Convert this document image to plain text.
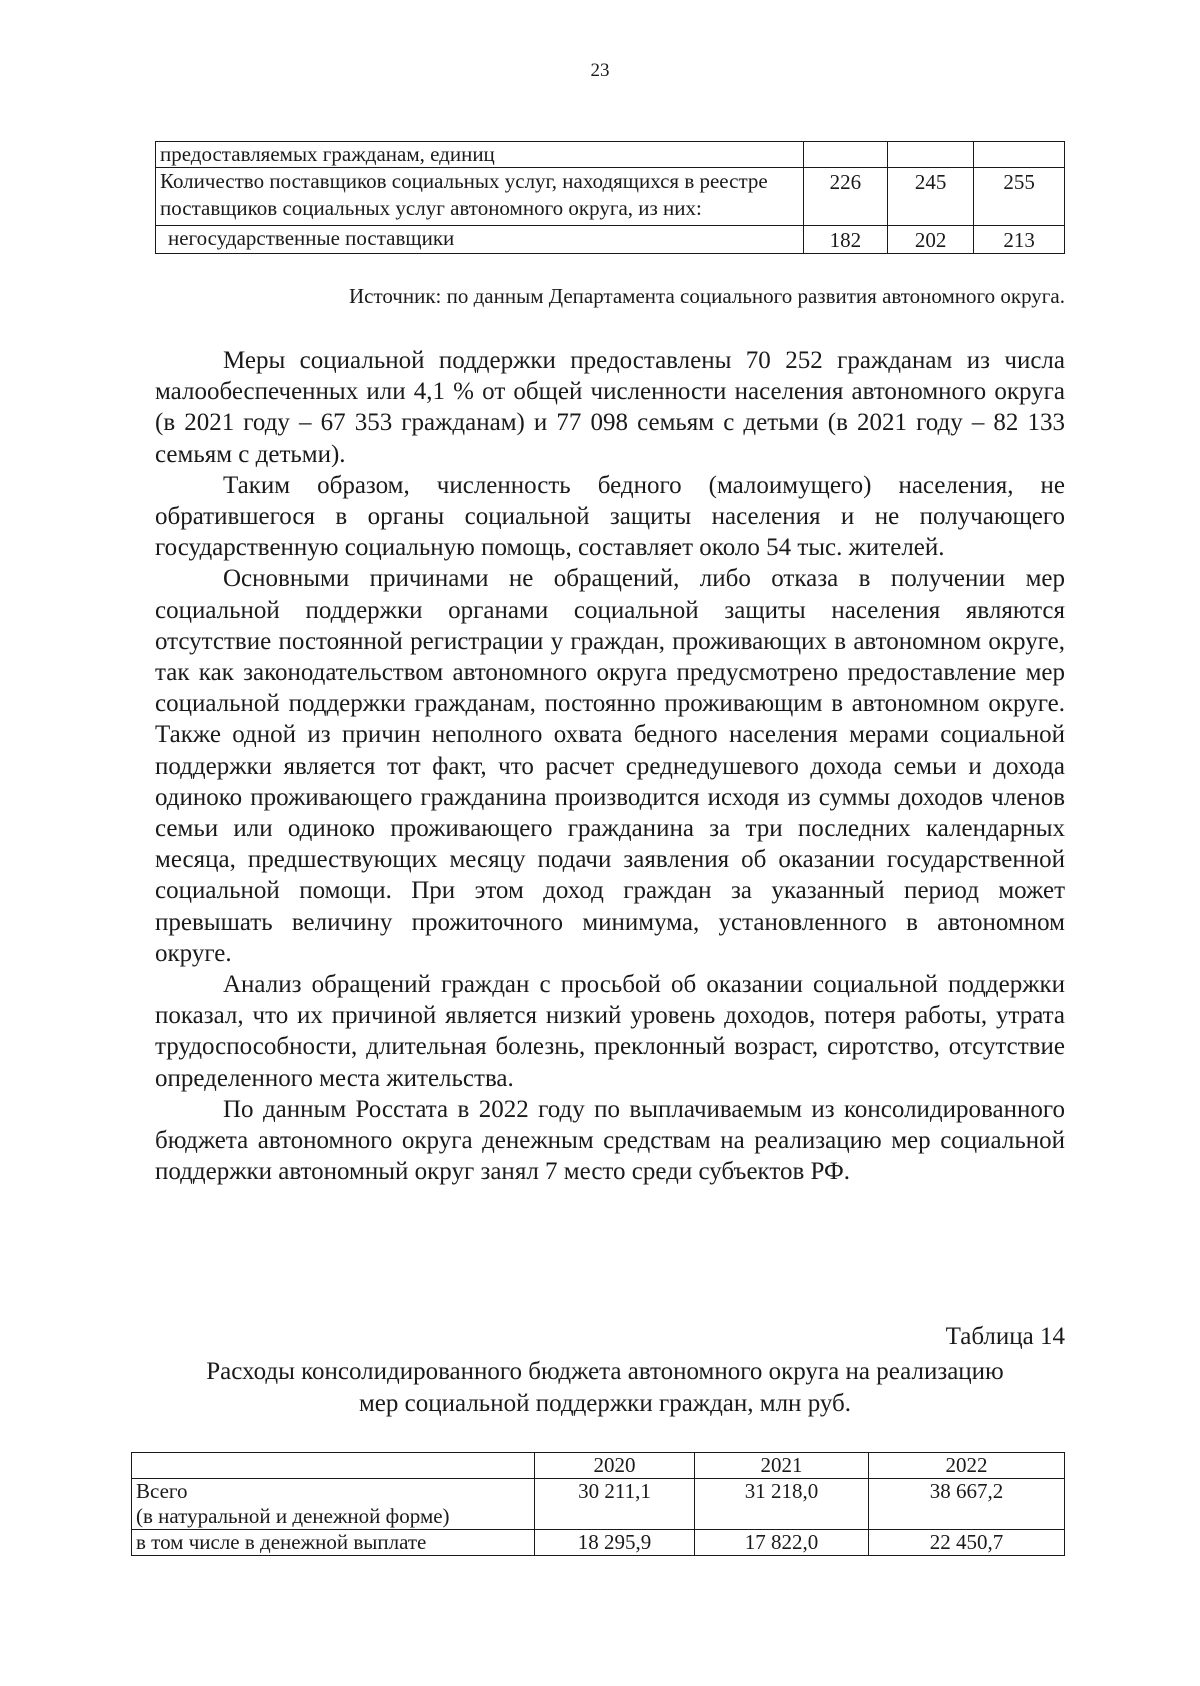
23
предоставляемых гражданам, единиц			
Количество поставщиков социальных услуг, находящихся в реестре поставщиков социальных услуг автономного округа, из них:	226	245	255
негосударственные поставщики	182	202	213
Источник: по данным Департамента социального развития автономного округа.

Меры социальной поддержки предоставлены 70 252 гражданам из числа малообеспеченных или 4,1 % от общей численности населения автономного округа (в 2021 году – 67 353 гражданам) и 77 098 семьям с детьми (в 2021 году – 82 133 семьям с детьми).

Таким образом, численность бедного (малоимущего) населения, не обратившегося в органы социальной защиты населения и не получающего государственную социальную помощь, составляет около 54 тыс. жителей.

Основными причинами не обращений, либо отказа в получении мер социальной поддержки органами социальной защиты населения являются отсутствие постоянной регистрации у граждан, проживающих в автономном округе, так как законодательством автономного округа предусмотрено предоставление мер социальной поддержки гражданам, постоянно проживающим в автономном округе. Также одной из причин неполного охвата бедного населения мерами социальной поддержки является тот факт, что расчет среднедушевого дохода семьи и дохода одиноко проживающего гражданина производится исходя из суммы доходов членов семьи или одиноко проживающего гражданина за три последних календарных месяца, предшествующих месяцу подачи заявления об оказании государственной социальной помощи. При этом доход граждан за указанный период может превышать величину прожиточного минимума, установленного в автономном округе.

Анализ обращений граждан с просьбой об оказании социальной поддержки показал, что их причиной является низкий уровень доходов, потеря работы, утрата трудоспособности, длительная болезнь, преклонный возраст, сиротство, отсутствие определенного места жительства.

По данным Росстата в 2022 году по выплачиваемым из консолидированного бюджета автономного округа денежным средствам на реализацию мер социальной поддержки автономный округ занял 7 место среди субъектов РФ.

Таблица 14
Расходы консолидированного бюджета автономного округа на реализацию
мер социальной поддержки граждан, млн руб.
	2020	2021	2022

Всего
(в натуральной и денежной форме)	30 211,1	31 218,0	38 667,2

в том числе в денежной выплате	18 295,9	17 822,0	22 450,7
